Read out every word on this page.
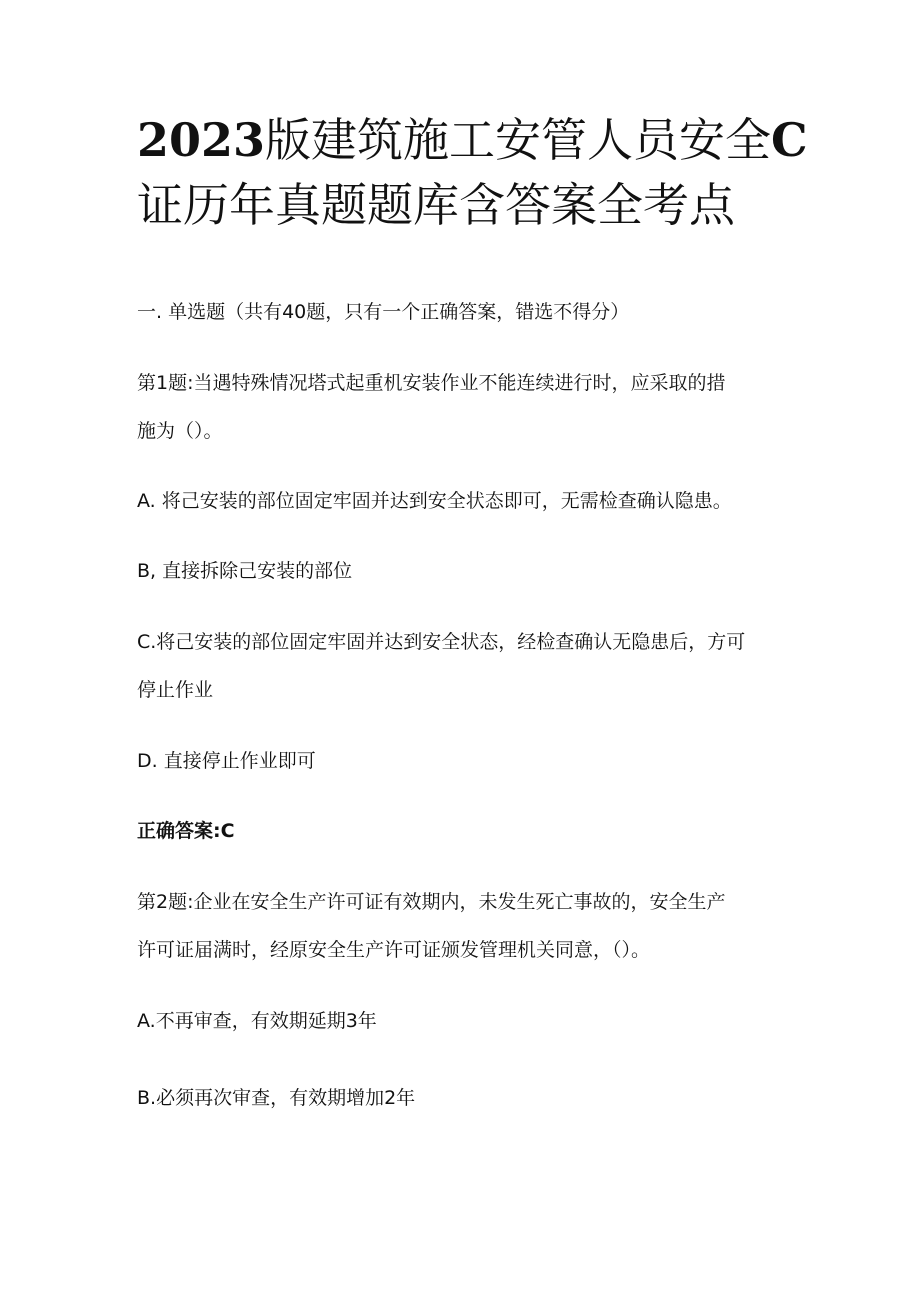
2023版建筑施工安管人员安全C
证历年真题题库含答案全考点
一. 单选题（共有40题，只有一个正确答案，错选不得分）
第1题:当遇特殊情况塔式起重机安装作业不能连续进行时，应采取的措
施为（）。
A. 将己安装的部位固定牢固并达到安全状态即可，无需检查确认隐患。
B, 直接拆除己安装的部位
C.将己安装的部位固定牢固并达到安全状态，经检查确认无隐患后，方可
停止作业
D. 直接停止作业即可
正确答案:C
第2题:企业在安全生产许可证有效期内，未发生死亡事故的，安全生产
许可证届满时，经原安全生产许可证颁发管理机关同意，（）。
A.不再审查，有效期延期3年
B.必须再次审查，有效期增加2年
